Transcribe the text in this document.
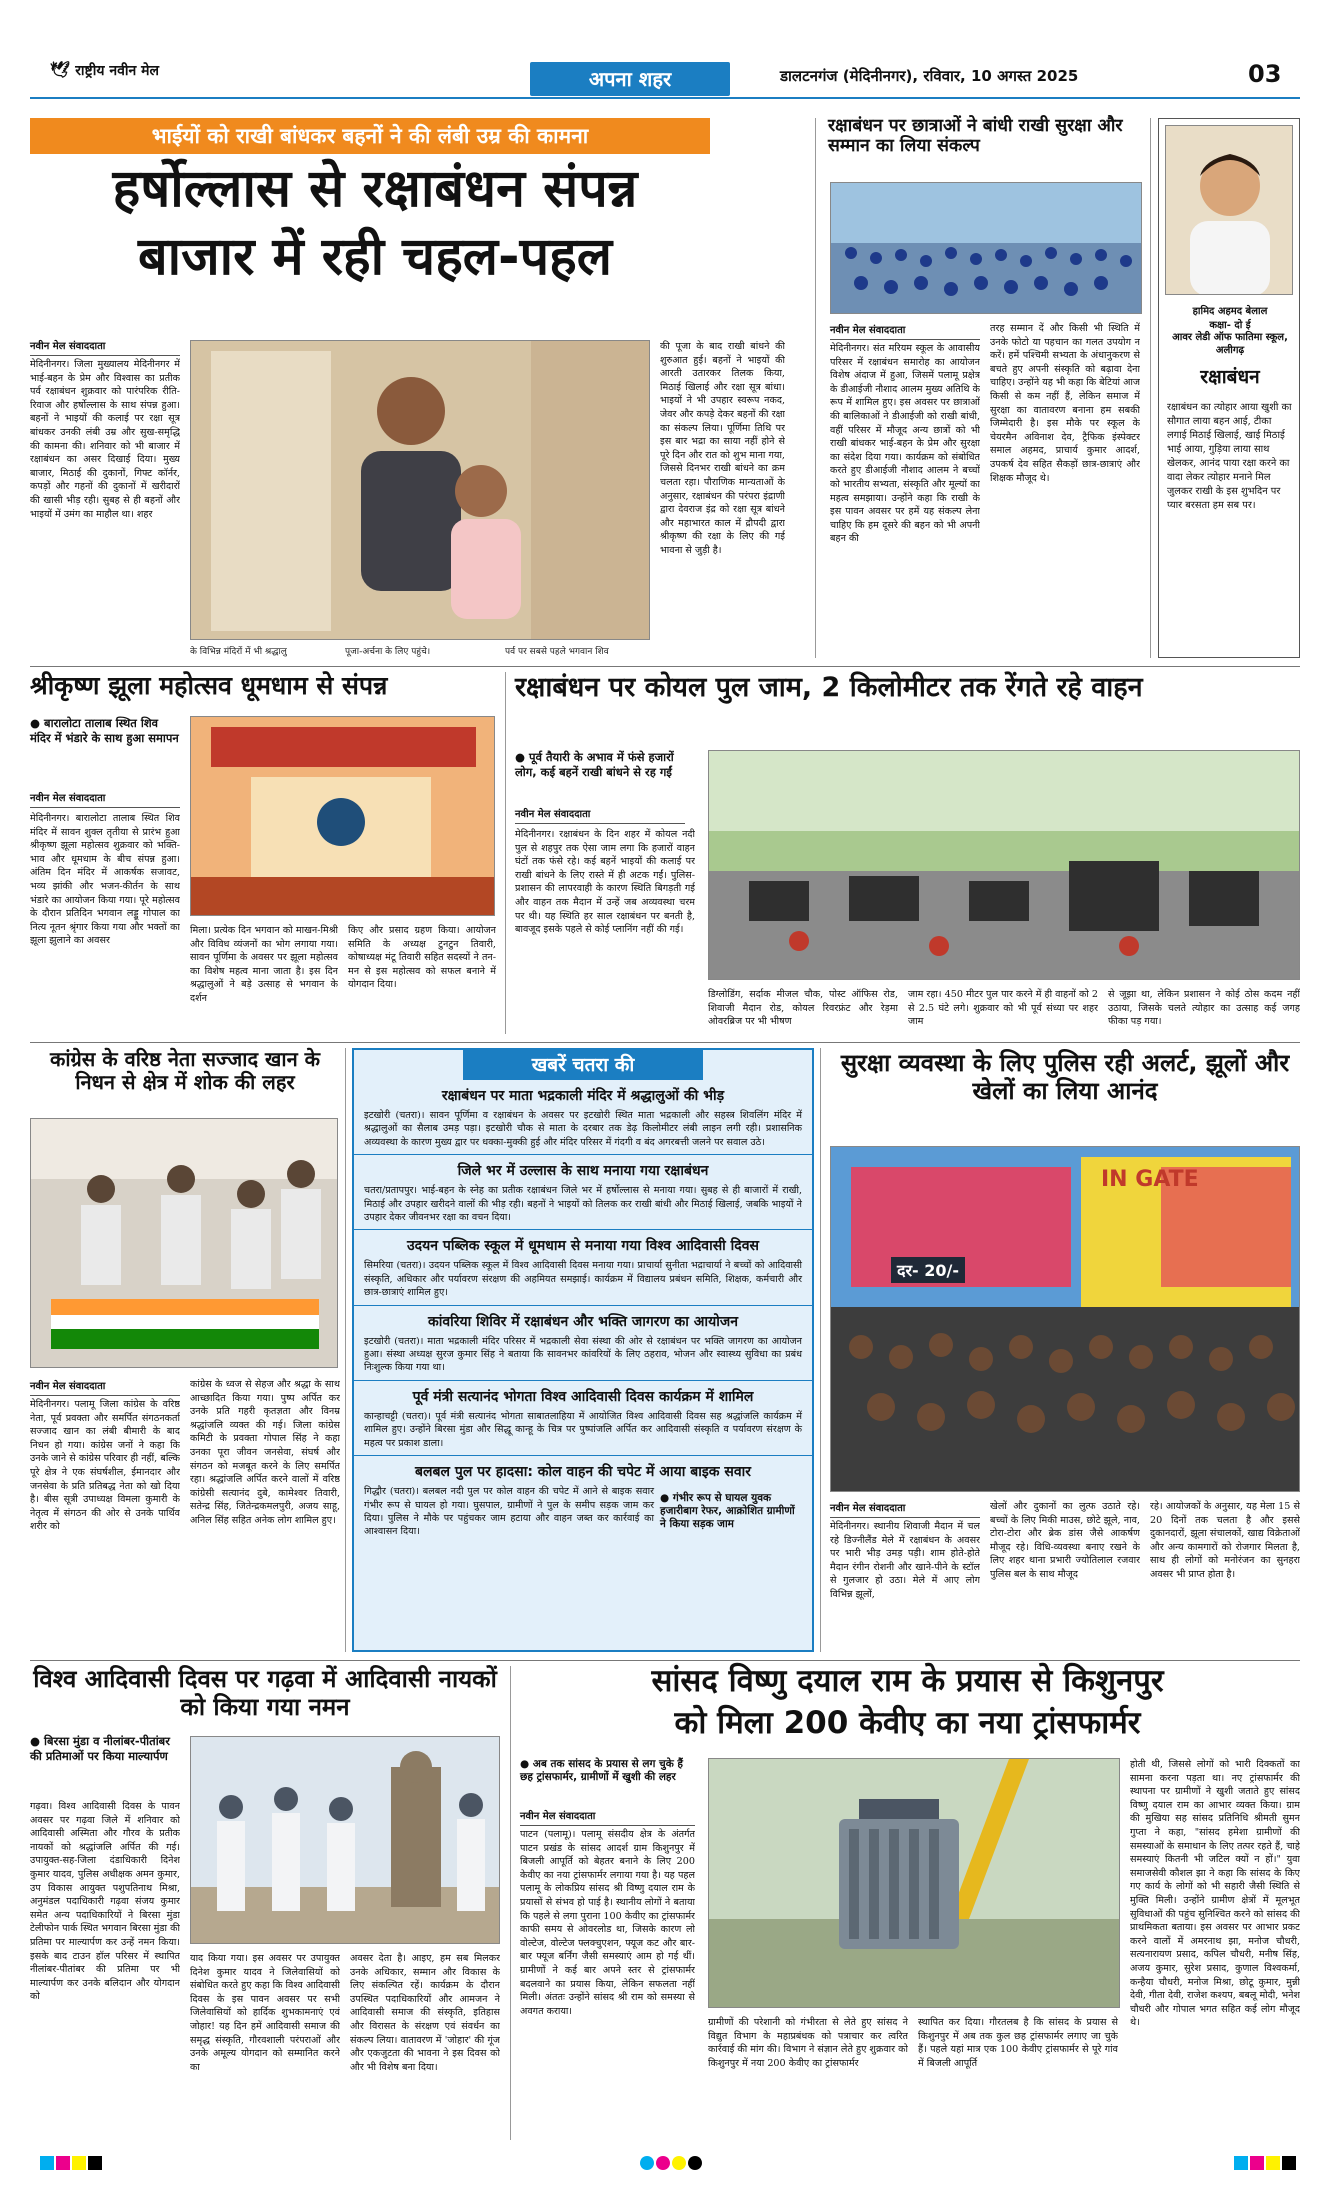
🕊 राष्ट्रीय नवीन मेल	अपना शहर	डालटनगंज (मेदिनीनगर), रविवार, 10 अगस्त 2025	03
भाईयों को राखी बांधकर बहनों ने की लंबी उम्र की कामना
हर्षोल्लास से रक्षाबंधन संपन्न
बाजार में रही चहल-पहल
नवीन मेल संवाददाता
मेदिनीनगर। जिला मुख्यालय मेदिनीनगर में भाई-बहन के प्रेम और विश्वास का प्रतीक पर्व रक्षाबंधन शुक्रवार को पारंपरिक रीति-रिवाज और हर्षोल्लास के साथ संपन्न हुआ। बहनों ने भाइयों की कलाई पर रक्षा सूत्र बांधकर उनकी लंबी उम्र और सुख-समृद्धि की कामना की। शनिवार को भी बाजार में रक्षाबंधन का असर दिखाई दिया। मुख्य बाजार, मिठाई की दुकानों, गिफ्ट कॉर्नर, कपड़ों और गहनों की दुकानों में खरीदारों की खासी भीड़ रही। सुबह से ही बहनों और भाइयों में उमंग का माहौल था। शहर
की पूजा के बाद राखी बांधने की शुरुआत हुई। बहनों ने भाइयों की आरती उतारकर तिलक किया, मिठाई खिलाई और रक्षा सूत्र बांधा। भाइयों ने भी उपहार स्वरूप नकद, जेवर और कपड़े देकर बहनों की रक्षा का संकल्प लिया। पूर्णिमा तिथि पर इस बार भद्रा का साया नहीं होने से पूरे दिन और रात को शुभ माना गया, जिससे दिनभर राखी बांधने का क्रम चलता रहा। पौराणिक मान्यताओं के अनुसार, रक्षाबंधन की परंपरा इंद्राणी द्वारा देवराज इंद्र को रक्षा सूत्र बांधने और महाभारत काल में द्रौपदी द्वारा श्रीकृष्ण की रक्षा के लिए की गई भावना से जुड़ी है।
के विभिन्न मंदिरों में भी श्रद्धालु	पूजा-अर्चना के लिए पहुंचे।	पर्व पर सबसे पहले भगवान शिव
रक्षाबंधन पर छात्राओं ने बांधी राखी सुरक्षा और सम्मान का लिया संकल्प
नवीन मेल संवाददाता
मेदिनीनगर। संत मरियम स्कूल के आवासीय परिसर में रक्षाबंधन समारोह का आयोजन विशेष अंदाज में हुआ, जिसमें पलामू प्रक्षेत्र के डीआईजी नौशाद आलम मुख्य अतिथि के रूप में शामिल हुए। इस अवसर पर छात्राओं की बालिकाओं ने डीआईजी को राखी बांधी, वहीं परिसर में मौजूद अन्य छात्रों को भी राखी बांधकर भाई-बहन के प्रेम और सुरक्षा का संदेश दिया गया। कार्यक्रम को संबोधित करते हुए डीआईजी नौशाद आलम ने बच्चों को भारतीय सभ्यता, संस्कृति और मूल्यों का महत्व समझाया। उन्होंने कहा कि राखी के इस पावन अवसर पर हमें यह संकल्प लेना चाहिए कि हम दूसरे की बहन को भी अपनी बहन की
तरह सम्मान दें और किसी भी स्थिति में उनके फोटो या पहचान का गलत उपयोग न करें। हमें पश्चिमी सभ्यता के अंधानुकरण से बचते हुए अपनी संस्कृति को बढ़ावा देना चाहिए। उन्होंने यह भी कहा कि बेटियां आज किसी से कम नहीं हैं, लेकिन समाज में सुरक्षा का वातावरण बनाना हम सबकी जिम्मेदारी है। इस मौके पर स्कूल के चेयरमैन अविनाश देव, ट्रैफिक इंस्पेक्टर समाल अहमद, प्राचार्य कुमार आदर्श, उपकर्ष देव सहित सैकड़ों छात्र-छात्राएं और शिक्षक मौजूद थे।
हामिद अहमद बेलाल
कक्षा- दो ई
आवर लेडी ऑफ फातिमा स्कूल, अलीगढ़
रक्षाबंधन
रक्षाबंधन का त्योहार आया खुशी का सौगात लाया बहन आई, टीका लगाई मिठाई खिलाई, खाई मिठाई भाई आया, गुड़िया लाया साथ खेलकर, आनंद पाया रक्षा करने का वादा लेकर त्योहार मनाने मिल जुलकर राखी के इस शुभदिन पर प्यार बरसता हम सब पर।
श्रीकृष्ण झूला महोत्सव धूमधाम से संपन्न
● बारालोटा तालाब स्थित शिव मंदिर में भंडारे के साथ हुआ समापन
नवीन मेल संवाददाता
मेदिनीनगर। बारालोटा तालाब स्थित शिव मंदिर में सावन शुक्ल तृतीया से प्रारंभ हुआ श्रीकृष्ण झूला महोत्सव शुक्रवार को भक्ति-भाव और धूमधाम के बीच संपन्न हुआ। अंतिम दिन मंदिर में आकर्षक सजावट, भव्य झांकी और भजन-कीर्तन के साथ भंडारे का आयोजन किया गया। पूरे महोत्सव के दौरान प्रतिदिन भगवान लड्डू गोपाल का नित्य नूतन श्रृंगार किया गया और भक्तों का झूला झुलाने का अवसर
मिला। प्रत्येक दिन भगवान को माखन-मिश्री और विविध व्यंजनों का भोग लगाया गया। सावन पूर्णिमा के अवसर पर झूला महोत्सव का विशेष महत्व माना जाता है। इस दिन श्रद्धालुओं ने बड़े उत्साह से भगवान के दर्शन
किए और प्रसाद ग्रहण किया। आयोजन समिति के अध्यक्ष टुनटुन तिवारी, कोषाध्यक्ष मंटू तिवारी सहित सदस्यों ने तन-मन से इस महोत्सव को सफल बनाने में योगदान दिया।
रक्षाबंधन पर कोयल पुल जाम, 2 किलोमीटर तक रेंगते रहे वाहन
● पूर्व तैयारी के अभाव में फंसे हजारों लोग, कई बहनें राखी बांधने से रह गईं
नवीन मेल संवाददाता
मेदिनीनगर। रक्षाबंधन के दिन शहर में कोयल नदी पुल से शहपुर तक ऐसा जाम लगा कि हजारों वाहन घंटों तक फंसे रहे। कई बहनें भाइयों की कलाई पर राखी बांधने के लिए रास्ते में ही अटक गईं। पुलिस-प्रशासन की लापरवाही के कारण स्थिति बिगड़ती गई और वाहन तक मैदान में उन्हें जब अव्यवस्था चरम पर थी। यह स्थिति हर साल रक्षाबंधन पर बनती है, बावजूद इसके पहले से कोई प्लानिंग नहीं की गई।
डिग्लोडिंग, सर्दाक मीजल चौक, पोस्ट ऑफिस रोड, शिवाजी मैदान रोड, कोयल रिवरफ्रंट और रेड़मा ओवरब्रिज पर भी भीषण
जाम रहा। 450 मीटर पुल पार करने में ही वाहनों को 2 से 2.5 घंटे लगे। शुक्रवार को भी पूर्व संध्या पर शहर जाम
से जूझा था, लेकिन प्रशासन ने कोई ठोस कदम नहीं उठाया, जिसके चलते त्योहार का उत्साह कई जगह फीका पड़ गया।
कांग्रेस के वरिष्ठ नेता सज्जाद खान के निधन से क्षेत्र में शोक की लहर
नवीन मेल संवाददाता
मेदिनीनगर। पलामू जिला कांग्रेस के वरिष्ठ नेता, पूर्व प्रवक्ता और समर्पित संगठनकर्ता सज्जाद खान का लंबी बीमारी के बाद निधन हो गया। कांग्रेस जनों ने कहा कि उनके जाने से कांग्रेस परिवार ही नहीं, बल्कि पूरे क्षेत्र ने एक संघर्षशील, ईमानदार और जनसेवा के प्रति प्रतिबद्ध नेता को खो दिया है। बीस सूत्री उपाध्यक्ष विमला कुमारी के नेतृत्व में संगठन की ओर से उनके पार्थिव शरीर को
कांग्रेस के ध्वज से सेहज और श्रद्धा के साथ आच्छादित किया गया। पुष्प अर्पित कर उनके प्रति गहरी कृतज्ञता और विनम्र श्रद्धांजलि व्यक्त की गई। जिला कांग्रेस कमिटी के प्रवक्ता गोपाल सिंह ने कहा उनका पूरा जीवन जनसेवा, संघर्ष और संगठन को मजबूत करने के लिए समर्पित रहा। श्रद्धांजलि अर्पित करने वालों में वरिष्ठ कांग्रेसी सत्यानंद दुबे, कामेश्वर तिवारी, सतेन्द्र सिंह, जितेन्द्रकमलपुरी, अजय साहू, अनिल सिंह सहित अनेक लोग शामिल हुए।
खबरें चतरा की
रक्षाबंधन पर माता भद्रकाली मंदिर में श्रद्धालुओं की भीड़

इटखोरी (चतरा)। सावन पूर्णिमा व रक्षाबंधन के अवसर पर इटखोरी स्थित माता भद्रकाली और सहस्त्र शिवलिंग मंदिर में श्रद्धालुओं का सैलाब उमड़ पड़ा। इटखोरी चौक से माता के दरबार तक डेढ़ किलोमीटर लंबी लाइन लगी रही। प्रशासनिक अव्यवस्था के कारण मुख्य द्वार पर धक्का-मुक्की हुई और मंदिर परिसर में गंदगी व बंद अगरबत्ती जलने पर सवाल उठे।

जिले भर में उल्लास के साथ मनाया गया रक्षाबंधन

चतरा/प्रतापपुर। भाई-बहन के स्नेह का प्रतीक रक्षाबंधन जिले भर में हर्षोल्लास से मनाया गया। सुबह से ही बाजारों में राखी, मिठाई और उपहार खरीदने वालों की भीड़ रही। बहनों ने भाइयों को तिलक कर राखी बांधी और मिठाई खिलाई, जबकि भाइयों ने उपहार देकर जीवनभर रक्षा का वचन दिया।

उदयन पब्लिक स्कूल में धूमधाम से मनाया गया विश्व आदिवासी दिवस

सिमरिया (चतरा)। उदयन पब्लिक स्कूल में विश्व आदिवासी दिवस मनाया गया। प्राचार्या सुनीता भद्राचार्या ने बच्चों को आदिवासी संस्कृति, अधिकार और पर्यावरण संरक्षण की अहमियत समझाई। कार्यक्रम में विद्यालय प्रबंधन समिति, शिक्षक, कर्मचारी और छात्र-छात्राएं शामिल हुए।

कांवरिया शिविर में रक्षाबंधन और भक्ति जागरण का आयोजन

इटखोरी (चतरा)। माता भद्रकाली मंदिर परिसर में भद्रकाली सेवा संस्था की ओर से रक्षाबंधन पर भक्ति जागरण का आयोजन हुआ। संस्था अध्यक्ष सुरज कुमार सिंह ने बताया कि सावनभर कांवरियों के लिए ठहराव, भोजन और स्वास्थ्य सुविधा का प्रबंध निःशुल्क किया गया था।

पूर्व मंत्री सत्यानंद भोगता विश्व आदिवासी दिवस कार्यक्रम में शामिल

कान्हाचट्टी (चतरा)। पूर्व मंत्री सत्यानंद भोगता साबातलाहिया में आयोजित विश्व आदिवासी दिवस सह श्रद्धांजलि कार्यक्रम में शामिल हुए। उन्होंने बिरसा मुंडा और सिद्धू कान्हू के चित्र पर पुष्पांजलि अर्पित कर आदिवासी संस्कृति व पर्यावरण संरक्षण के महत्व पर प्रकाश डाला।

बलबल पुल पर हादसा: कोल वाहन की चपेट में आया बाइक सवार

गिद्धौर (चतरा)। बलबल नदी पुल पर कोल वाहन की चपेट में आने से बाइक सवार गंभीर रूप से घायल हो गया। घुसपाल, ग्रामीणों ने पुल के समीप सड़क जाम कर दिया। पुलिस ने मौके पर पहुंचकर जाम हटाया और वाहन जब्त कर कार्रवाई का आश्वासन दिया।

● गंभीर रूप से घायल युवक हजारीबाग रेफर, आक्रोशित ग्रामीणों ने किया सड़क जाम
सुरक्षा व्यवस्था के लिए पुलिस रही अलर्ट, झूलों और खेलों का लिया आनंद
IN GATE
दर- 20/-
नवीन मेल संवाददाता
मेदिनीनगर। स्थानीय शिवाजी मैदान में चल रहे डिज्नीलैंड मेले में रक्षाबंधन के अवसर पर भारी भीड़ उमड़ पड़ी। शाम होते-होते मैदान रंगीन रोशनी और खाने-पीने के स्टॉल से गुलजार हो उठा। मेले में आए लोग विभिन्न झूलों,
खेलों और दुकानों का लुत्फ उठाते रहे। बच्चों के लिए मिकी माउस, छोटे झूले, नाव, टोरा-टोरा और ब्रेक डांस जैसे आकर्षण मौजूद रहे। विधि-व्यवस्था बनाए रखने के लिए शहर थाना प्रभारी ज्योतिलाल रजवार पुलिस बल के साथ मौजूद
रहे। आयोजकों के अनुसार, यह मेला 15 से 20 दिनों तक चलता है और इससे दुकानदारों, झूला संचालकों, खाद्य विक्रेताओं और अन्य कामगारों को रोजगार मिलता है, साथ ही लोगों को मनोरंजन का सुनहरा अवसर भी प्राप्त होता है।
विश्व आदिवासी दिवस पर गढ़वा में आदिवासी नायकों को किया गया नमन
● बिरसा मुंडा व नीलांबर-पीतांबर की प्रतिमाओं पर किया माल्यार्पण
गढ़वा। विश्व आदिवासी दिवस के पावन अवसर पर गढ़वा जिले में शनिवार को आदिवासी अस्मिता और गौरव के प्रतीक नायकों को श्रद्धांजलि अर्पित की गई। उपायुक्त-सह-जिला दंडाधिकारी दिनेश कुमार यादव, पुलिस अधीक्षक अमन कुमार, उप विकास आयुक्त पशुपतिनाथ मिश्रा, अनुमंडल पदाधिकारी गढ़वा संजय कुमार समेत अन्य पदाधिकारियों ने बिरसा मुंडा टेलीफोन पार्क स्थित भगवान बिरसा मुंडा की प्रतिमा पर माल्यार्पण कर उन्हें नमन किया। इसके बाद टाउन हॉल परिसर में स्थापित नीलांबर-पीतांबर की प्रतिमा पर भी माल्यार्पण कर उनके बलिदान और योगदान को
याद किया गया। इस अवसर पर उपायुक्त दिनेश कुमार यादव ने जिलेवासियों को संबोधित करते हुए कहा कि विश्व आदिवासी दिवस के इस पावन अवसर पर सभी जिलेवासियों को हार्दिक शुभकामनाएं एवं जोहार! यह दिन हमें आदिवासी समाज की समृद्ध संस्कृति, गौरवशाली परंपराओं और उनके अमूल्य योगदान को सम्मानित करने का
अवसर देता है। आइए, हम सब मिलकर उनके अधिकार, सम्मान और विकास के लिए संकल्पित रहें। कार्यक्रम के दौरान उपस्थित पदाधिकारियों और आमजन ने आदिवासी समाज की संस्कृति, इतिहास और विरासत के संरक्षण एवं संवर्धन का संकल्प लिया। वातावरण में 'जोहार' की गूंज और एकजुटता की भावना ने इस दिवस को और भी विशेष बना दिया।
सांसद विष्णु दयाल राम के प्रयास से किशुनपुर
को मिला 200 केवीए का नया ट्रांसफार्मर
● अब तक सांसद के प्रयास से लग चुके हैं छह ट्रांसफार्मर, ग्रामीणों में खुशी की लहर
नवीन मेल संवाददाता
पाटन (पलामू)। पलामू संसदीय क्षेत्र के अंतर्गत पाटन प्रखंड के सांसद आदर्श ग्राम किशुनपुर में बिजली आपूर्ति को बेहतर बनाने के लिए 200 केवीए का नया ट्रांसफार्मर लगाया गया है। यह पहल पलामू के लोकप्रिय सांसद श्री विष्णु दयाल राम के प्रयासों से संभव हो पाई है। स्थानीय लोगों ने बताया कि पहले से लगा पुराना 100 केवीए का ट्रांसफार्मर काफी समय से ओवरलोड था, जिसके कारण लो वोल्टेज, वोल्टेज फ्लक्चुएशन, फ्यूज कट और बार-बार फ्यूज बर्निंग जैसी समस्याएं आम हो गई थीं। ग्रामीणों ने कई बार अपने स्तर से ट्रांसफार्मर बदलवाने का प्रयास किया, लेकिन सफलता नहीं मिली। अंततः उन्होंने सांसद श्री राम को समस्या से अवगत कराया।
ग्रामीणों की परेशानी को गंभीरता से लेते हुए सांसद ने विद्युत विभाग के महाप्रबंधक को पत्राचार कर त्वरित कार्रवाई की मांग की। विभाग ने संज्ञान लेते हुए शुक्रवार को किशुनपुर में नया 200 केवीए का ट्रांसफार्मर
स्थापित कर दिया। गौरतलब है कि सांसद के प्रयास से किशुनपुर में अब तक कुल छह ट्रांसफार्मर लगाए जा चुके हैं। पहले यहां मात्र एक 100 केवीए ट्रांसफार्मर से पूरे गांव में बिजली आपूर्ति
होती थी, जिससे लोगों को भारी दिक्कतों का सामना करना पड़ता था। नए ट्रांसफार्मर की स्थापना पर ग्रामीणों ने खुशी जताते हुए सांसद विष्णु दयाल राम का आभार व्यक्त किया। ग्राम की मुखिया सह सांसद प्रतिनिधि श्रीमती सुमन गुप्ता ने कहा, "सांसद हमेशा ग्रामीणों की समस्याओं के समाधान के लिए तत्पर रहते हैं, चाहे समस्याएं कितनी भी जटिल क्यों न हों।" युवा समाजसेवी कौशल झा ने कहा कि सांसद के किए गए कार्य के लोगों को भी सहारी जैसी स्थिति से मुक्ति मिली। उन्होंने ग्रामीण क्षेत्रों में मूलभूत सुविधाओं की पहुंच सुनिश्चित करने को सांसद की प्राथमिकता बताया। इस अवसर पर आभार प्रकट करने वालों में अमरनाथ झा, मनोज चौधरी, सत्यनारायण प्रसाद, कपिल चौधरी, मनीष सिंह, अजय कुमार, सुरेश प्रसाद, कुणाल विश्वकर्मा, कन्हैया चौधरी, मनोज मिश्रा, छोटू कुमार, मुन्नी देवी, गीता देवी, राजेश कश्यप, बबलू मोदी, भनेश चौधरी और गोपाल भगत सहित कई लोग मौजूद थे।
